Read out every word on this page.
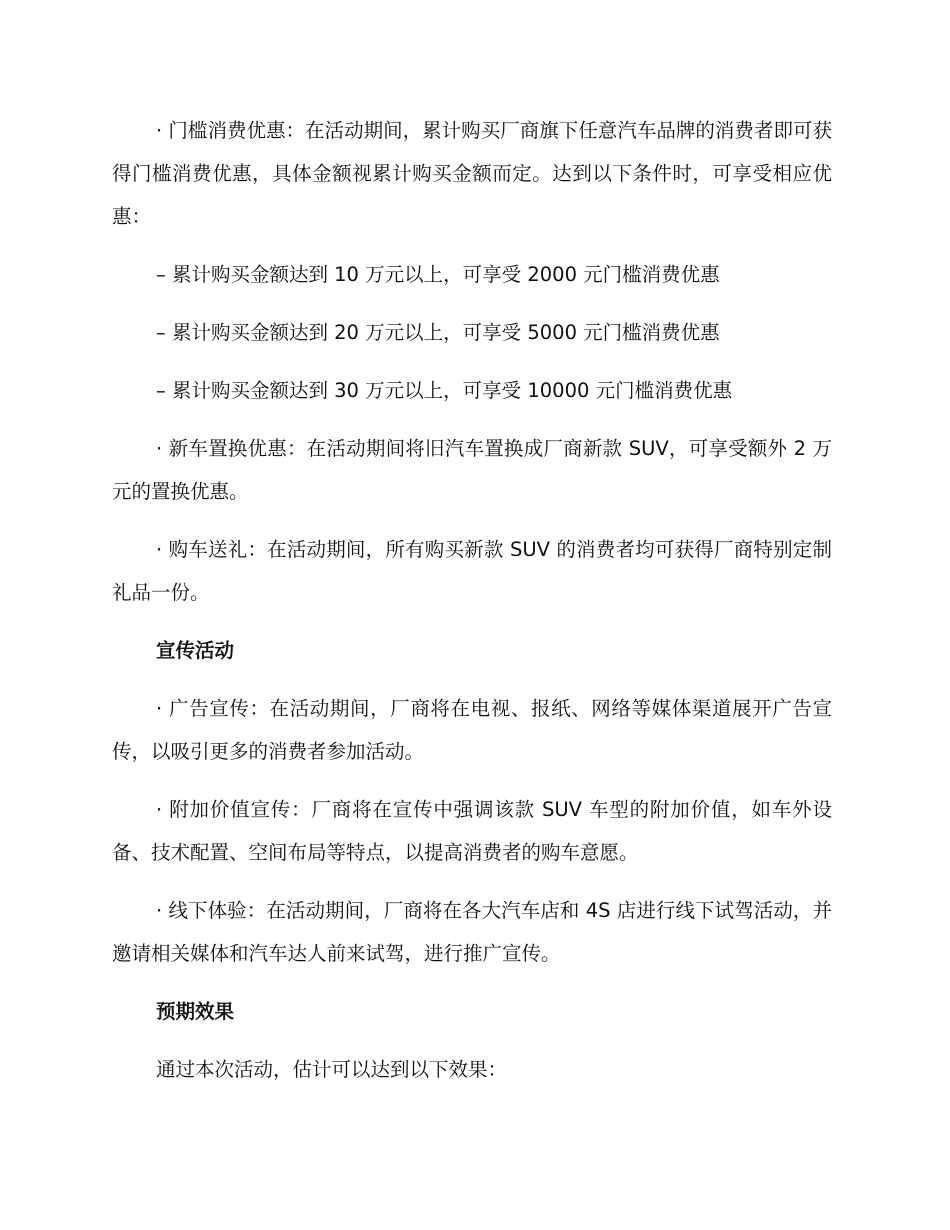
· 门槛消费优惠：在活动期间，累计购买厂商旗下任意汽车品牌的消费者即可获得门槛消费优惠，具体金额视累计购买金额而定。达到以下条件时，可享受相应优惠：

– 累计购买金额达到 10 万元以上，可享受 2000 元门槛消费优惠

– 累计购买金额达到 20 万元以上，可享受 5000 元门槛消费优惠

– 累计购买金额达到 30 万元以上，可享受 10000 元门槛消费优惠

· 新车置换优惠：在活动期间将旧汽车置换成厂商新款 SUV，可享受额外 2 万元的置换优惠。

· 购车送礼：在活动期间，所有购买新款 SUV 的消费者均可获得厂商特别定制礼品一份。

宣传活动

· 广告宣传：在活动期间，厂商将在电视、报纸、网络等媒体渠道展开广告宣传，以吸引更多的消费者参加活动。

· 附加价值宣传：厂商将在宣传中强调该款 SUV 车型的附加价值，如车外设备、技术配置、空间布局等特点，以提高消费者的购车意愿。

· 线下体验：在活动期间，厂商将在各大汽车店和 4S 店进行线下试驾活动，并邀请相关媒体和汽车达人前来试驾，进行推广宣传。

预期效果

通过本次活动，估计可以达到以下效果：
